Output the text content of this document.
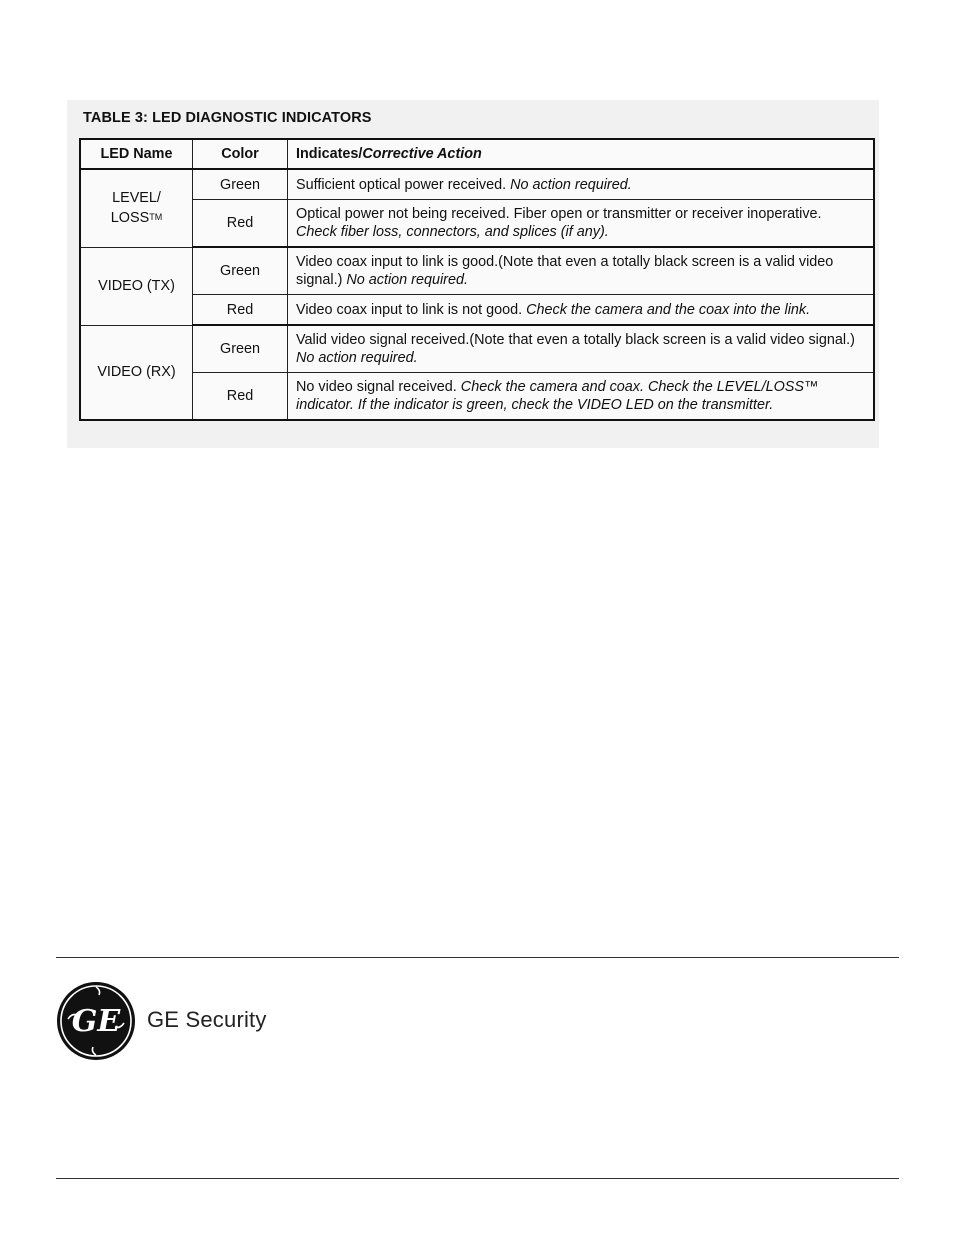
TABLE 3: LED DIAGNOSTIC INDICATORS
LED Name	Color	Indicates/Corrective Action
LEVEL/
LOSSTM	Green	Sufficient optical power received. No action required.
	Red	Optical power not being received. Fiber open or transmitter or receiver inoperative. Check fiber loss, connectors, and splices (if any).
VIDEO (TX)	Green	Video coax input to link is good.(Note that even a totally black screen is a valid video signal.) No action required.
	Red	Video coax input to link is not good. Check the camera and the coax into the link.
VIDEO (RX)	Green	Valid video signal received.(Note that even a totally black screen is a valid video signal.) No action required.
	Red	No video signal received. Check the camera and coax. Check the LEVEL/LOSS™ indicator. If the indicator is green, check the VIDEO LED on the transmitter.
GE GE Security
